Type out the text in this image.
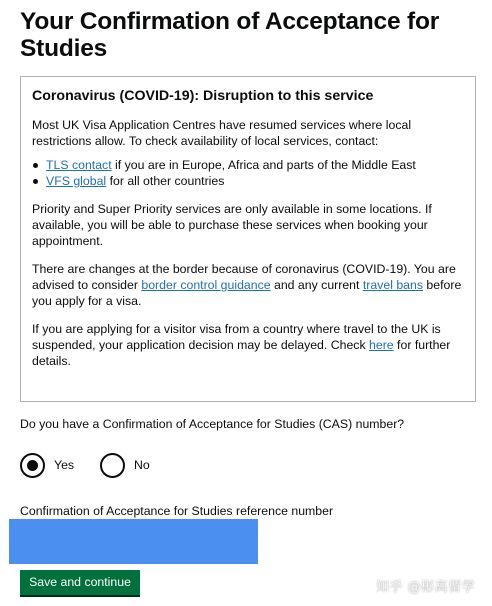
Your Confirmation of Acceptance for Studies
Coronavirus (COVID-19): Disruption to this service

Most UK Visa Application Centres have resumed services where local restrictions allow. To check availability of local services, contact:

TLS contact if you are in Europe, Africa and parts of the Middle East
VFS global for all other countries

Priority and Super Priority services are only available in some locations. If available, you will be able to purchase these services when booking your appointment.

There are changes at the border because of coronavirus (COVID-19). You are advised to consider border control guidance and any current travel bans before you apply for a visa.

If you are applying for a visitor visa from a country where travel to the UK is suspended, your application decision may be delayed. Check here for further details.

Do you have a Confirmation of Acceptance for Studies (CAS) number?
Yes	No
Confirmation of Acceptance for Studies reference number
Save and continue	知乎 @彬高留学
